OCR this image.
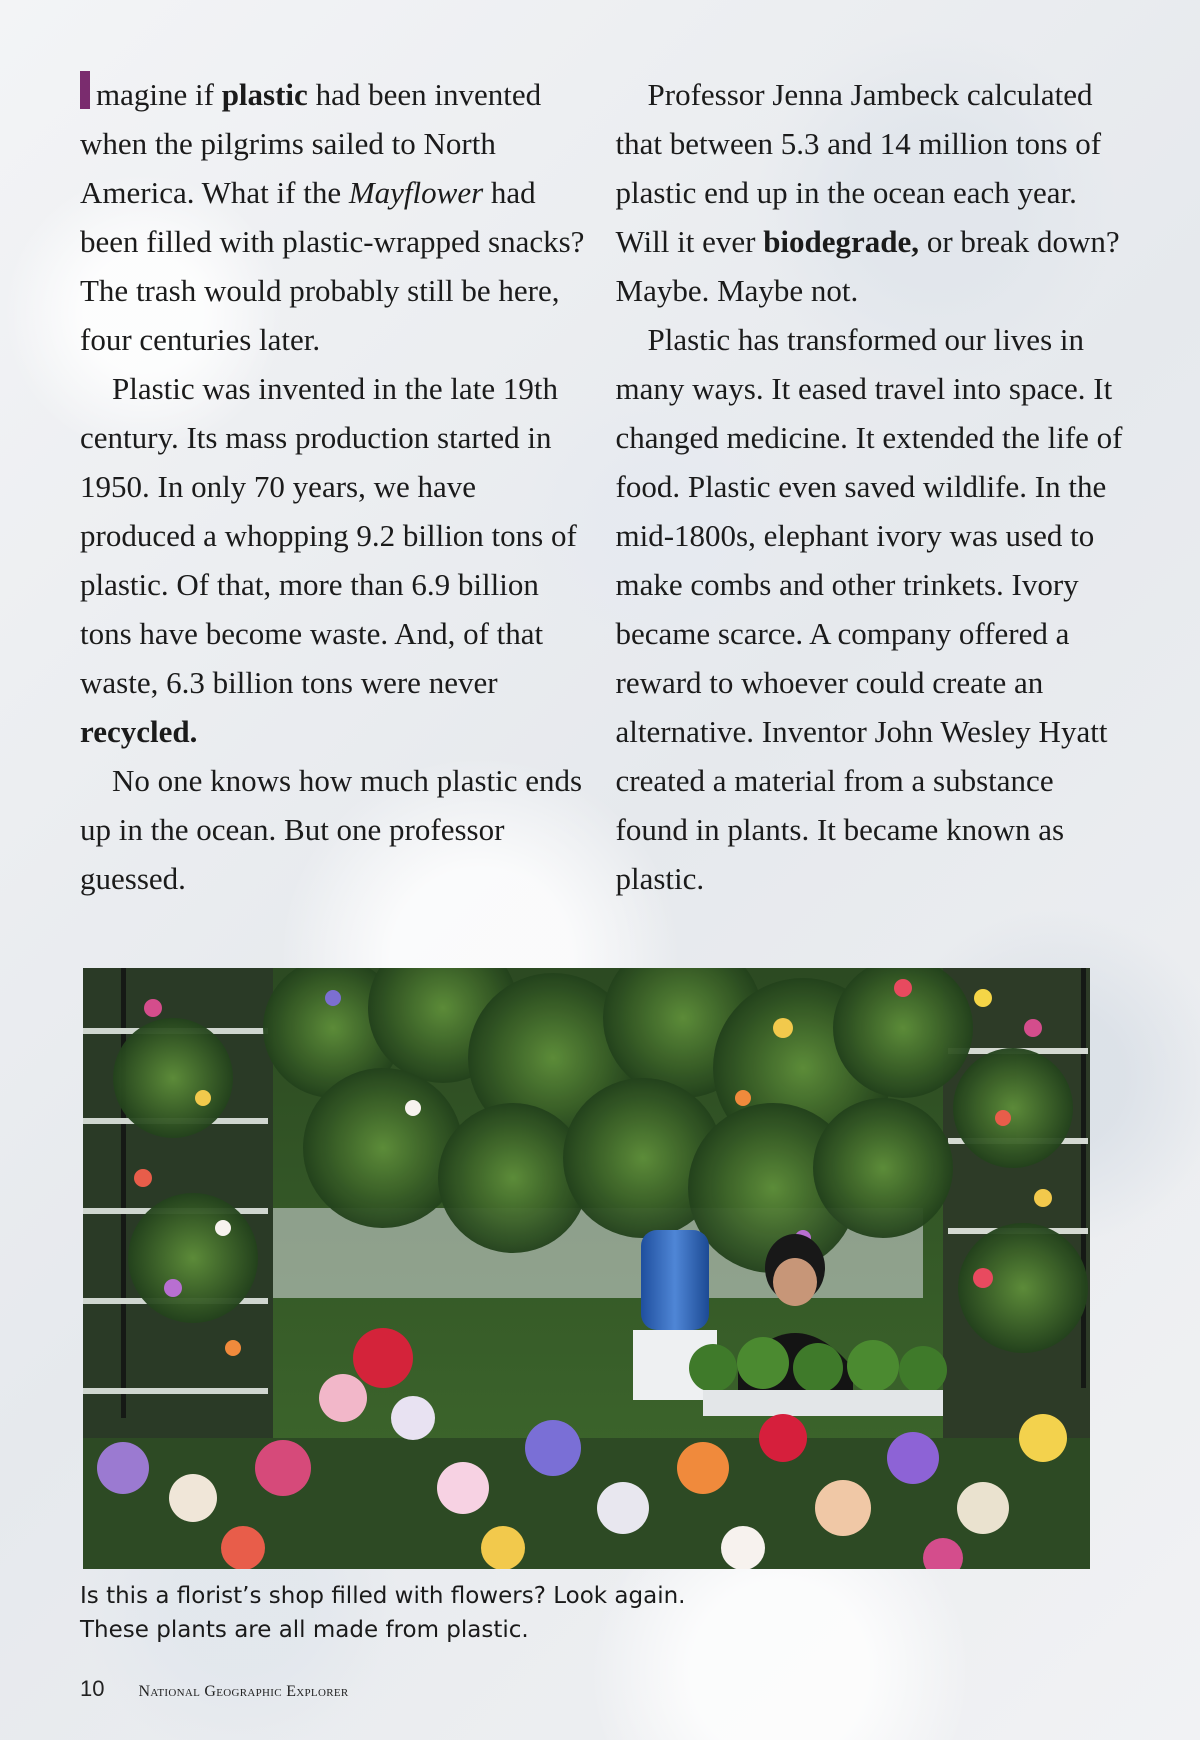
magine if plastic had been invented when the pilgrims sailed to North America. What if the Mayflower had been filled with plastic-wrapped snacks? The trash would probably still be here, four centuries later.

Plastic was invented in the late 19th century. Its mass production started in 1950. In only 70 years, we have produced a whopping 9.2 billion tons of plastic. Of that, more than 6.9 billion tons have become waste. And, of that waste, 6.3 billion tons were never recycled.

No one knows how much plastic ends up in the ocean. But one professor guessed.

Professor Jenna Jambeck calculated that between 5.3 and 14 million tons of plastic end up in the ocean each year. Will it ever biodegrade, or break down? Maybe. Maybe not.

Plastic has transformed our lives in many ways. It eased travel into space. It changed medicine. It extended the life of food. Plastic even saved wildlife. In the mid-1800s, elephant ivory was used to make combs and other trinkets. Ivory became scarce. A company offered a reward to whoever could create an alternative. Inventor John Wesley Hyatt created a material from a substance found in plants. It became known as plastic.

Is this a florist’s shop filled with flowers? Look again.
These plants are all made from plastic.
10 National Geographic Explorer
